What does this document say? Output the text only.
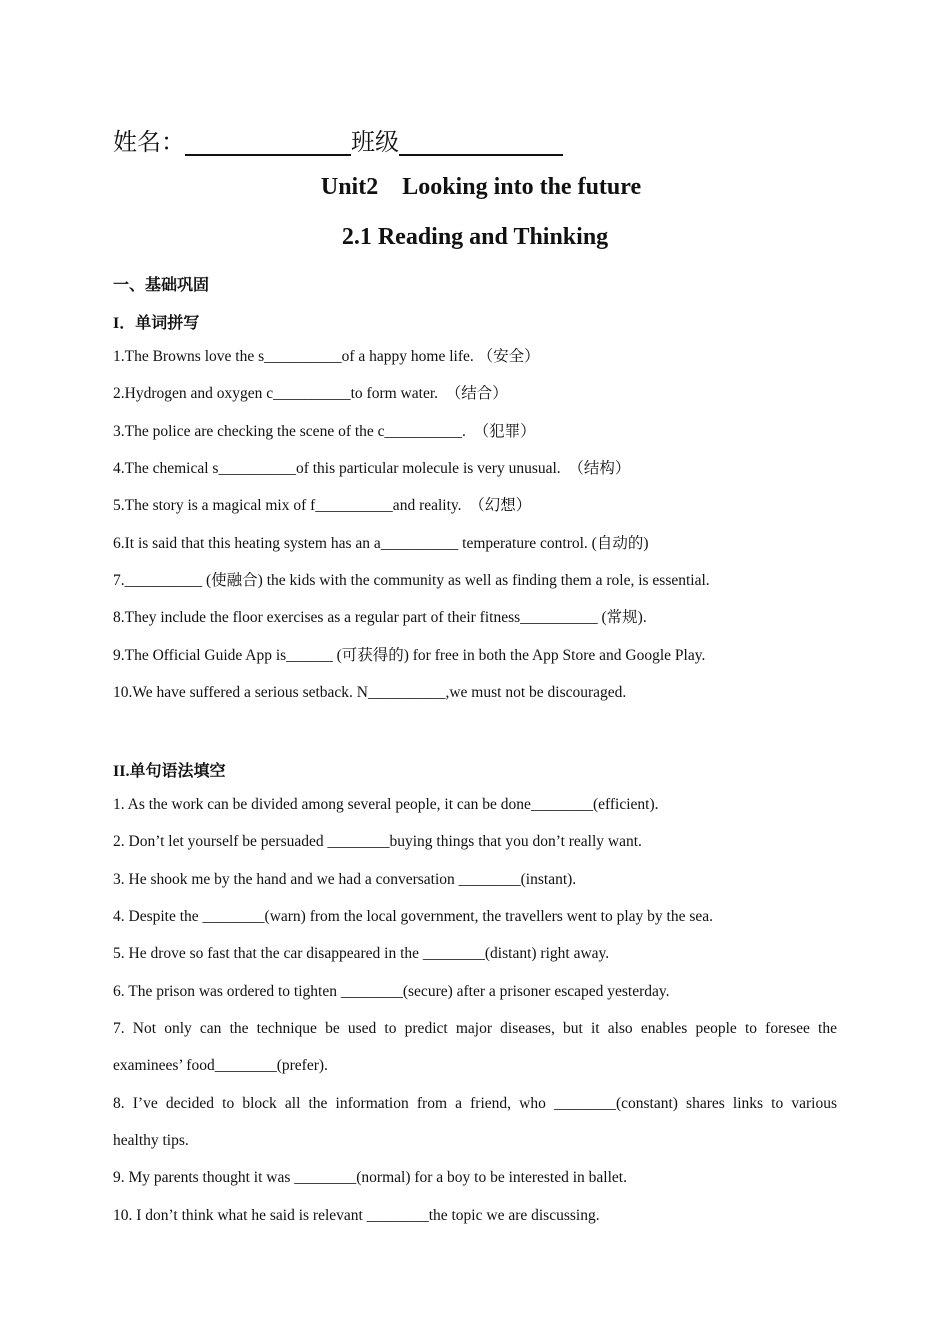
姓名：	班级
Unit2    Looking into the future
2.1 Reading and Thinking
一、基础巩固
I．单词拼写
1.The Browns love the s__________of a happy home life. （安全）
2.Hydrogen and oxygen c__________to form water.　（结合）
3.The police are checking the scene of the c__________.　（犯罪）
4.The chemical s__________of this particular molecule is very unusual.　（结构）
5.The story is a magical mix of f__________and reality.　（幻想）
6.It is said that this heating system has an a__________ temperature control. (自动的)
7.__________ (使融合) the kids with the community as well as finding them a role, is essential.
8.They include the floor exercises as a regular part of their fitness__________ (常规).
9.The Official Guide App is______ (可获得的) for free in both the App Store and Google Play.
10.We have suffered a serious setback. N__________,we must not be discouraged.
II.单句语法填空
1. As the work can be divided among several people, it can be done________(efficient).
2. Don’t let yourself be persuaded ________buying things that you don’t really want.
3. He shook me by the hand and we had a conversation ________(instant).
4. Despite the ________(warn) from the local government, the travellers went to play by the sea.
5. He drove so fast that the car disappeared in the ________(distant) right away.
6. The prison was ordered to tighten ________(secure) after a prisoner escaped yesterday.
7. Not only can the technique be used to predict major diseases, but it also enables people to foresee the
examinees’ food________(prefer).
8. I’ve decided to block all the information from a friend, who ________(constant) shares links to various
healthy tips.
9. My parents thought it was ________(normal) for a boy to be interested in ballet.
10. I don’t think what he said is relevant ________the topic we are discussing.
